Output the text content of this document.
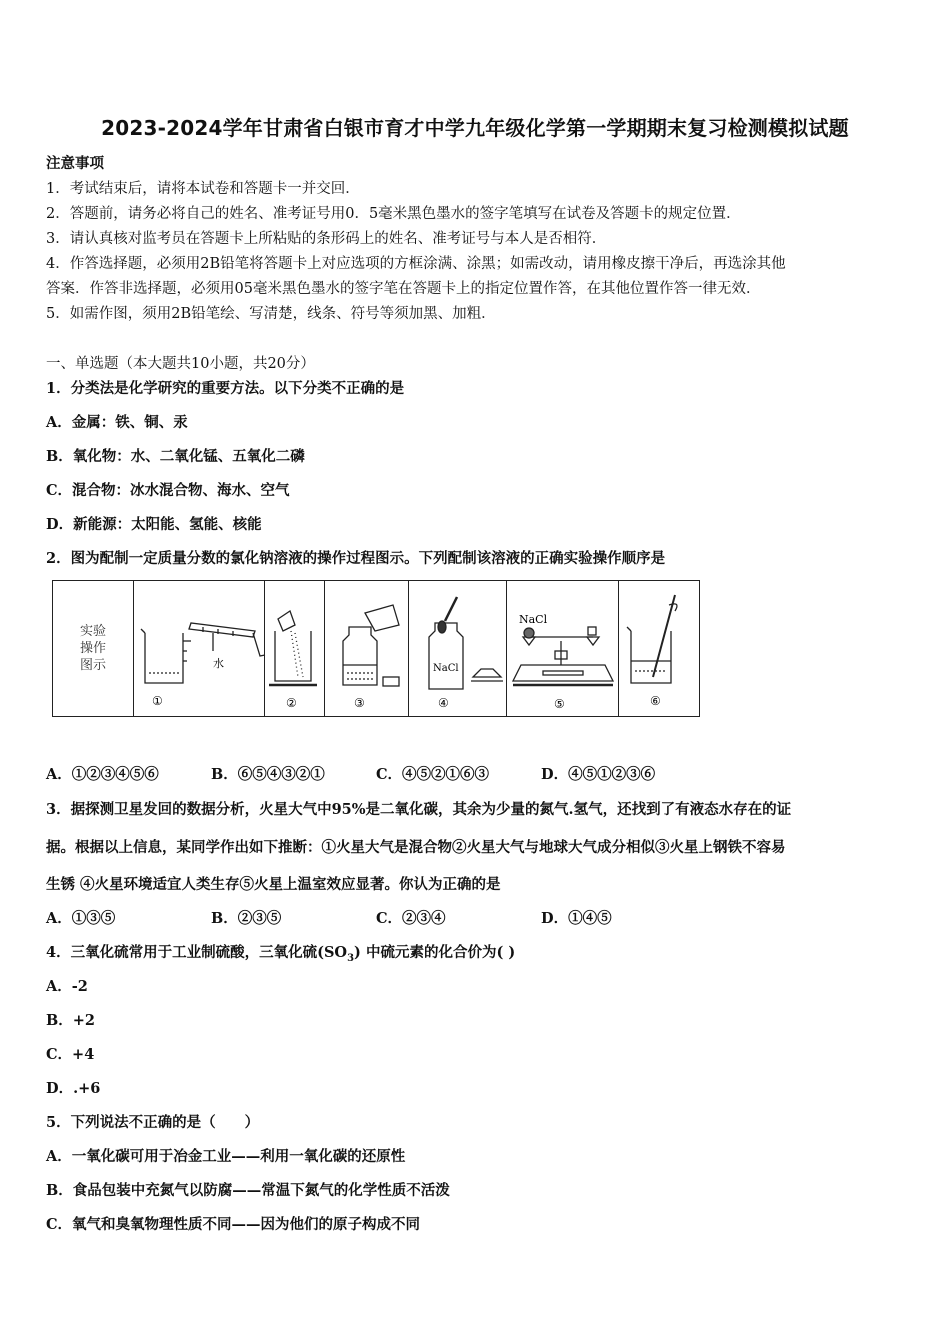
2023-2024学年甘肃省白银市育才中学九年级化学第一学期期末复习检测模拟试题
注意事项
1．考试结束后，请将本试卷和答题卡一并交回．
2．答题前，请务必将自己的姓名、准考证号用0．5毫米黑色墨水的签字笔填写在试卷及答题卡的规定位置．
3．请认真核对监考员在答题卡上所粘贴的条形码上的姓名、准考证号与本人是否相符．
4．作答选择题，必须用2B铅笔将答题卡上对应选项的方框涂满、涂黑；如需改动，请用橡皮擦干净后，再选涂其他
答案．作答非选择题，必须用05毫米黑色墨水的签字笔在答题卡上的指定位置作答，在其他位置作答一律无效．
5．如需作图，须用2B铅笔绘、写清楚，线条、符号等须加黑、加粗．
一、单选题（本大题共10小题，共20分）
1．分类法是化学研究的重要方法。以下分类不正确的是
A．金属：铁、铜、汞
B．氧化物：水、二氧化锰、五氧化二磷
C．混合物：冰水混合物、海水、空气
D．新能源：太阳能、氢能、核能
2．图为配制一定质量分数的氯化钠溶液的操作过程图示。下列配制该溶液的正确实验操作顺序是
实验
操作
图示
①	②	③	④	⑤	⑥
水
NaCl
NaCl
A．①②③④⑤⑥	B．⑥⑤④③②①	C．④⑤②①⑥③	D．④⑤①②③⑥
3．据探测卫星发回的数据分析，火星大气中95%是二氧化碳，其余为少量的氮气.氢气，还找到了有液态水存在的证
据。根据以上信息，某同学作出如下推断：①火星大气是混合物②火星大气与地球大气成分相似③火星上钢铁不容易
生锈 ④火星环境适宜人类生存⑤火星上温室效应显著。你认为正确的是
A．①③⑤	B．②③⑤	C．②③④	D．①④⑤
4．三氧化硫常用于工业制硫酸，三氧化硫$(SO_3)$ 中硫元素的化合价为( )
A．-2
B．+2
C．+4
D．.+6
5．下列说法不正确的是（　　）
A．一氧化碳可用于冶金工业——利用一氧化碳的还原性
B．食品包装中充氮气以防腐——常温下氮气的化学性质不活泼
C．氧气和臭氧物理性质不同——因为他们的原子构成不同
